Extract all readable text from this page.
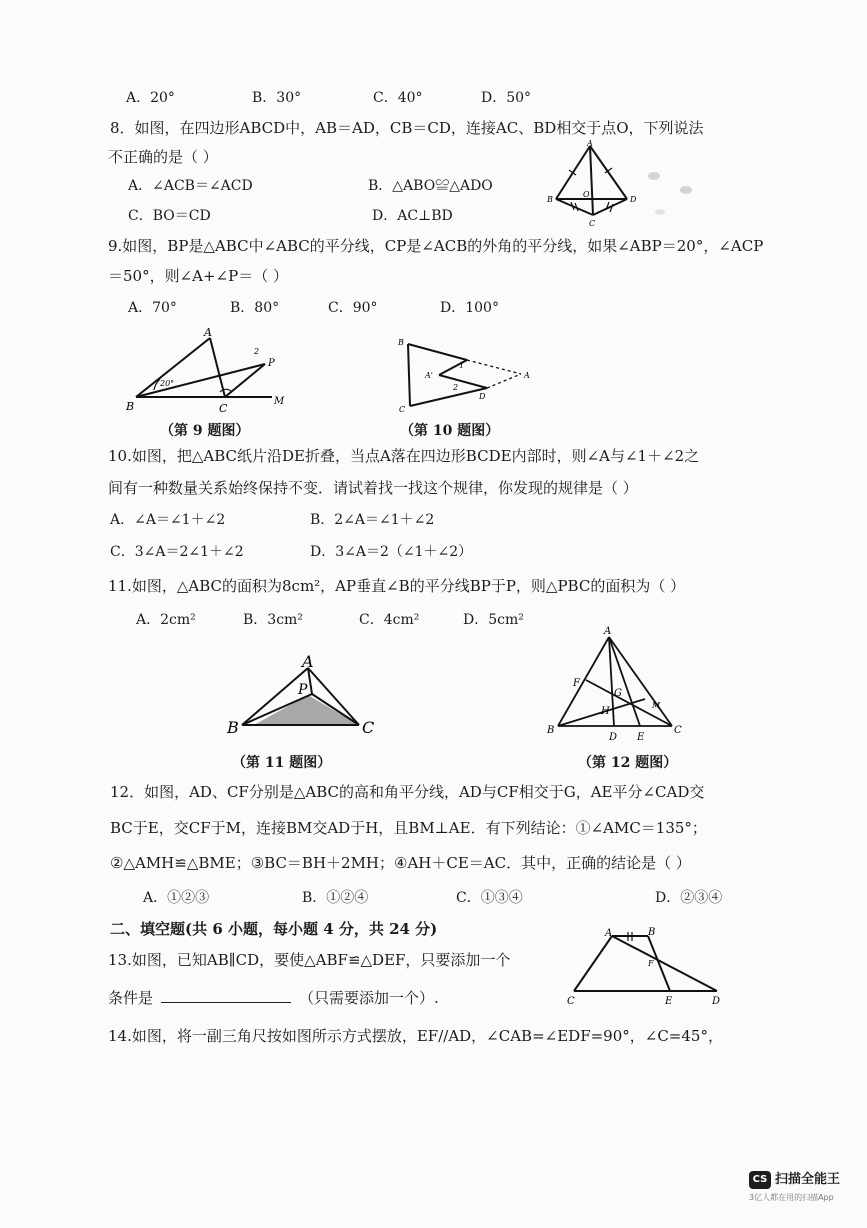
A．20°	B．30°	C．40°	D．50°
8．如图，在四边形ABCD中，AB＝AD，CB＝CD，连接AC、BD相交于点O，下列说法
不正确的是（ ）
A．∠ACB＝∠ACD	B．△ABO≌△ADO
C．BO＝CD	D．AC⊥BD
A
B
O
D
C
9.如图，BP是△ABC中∠ABC的平分线，CP是∠ACB的外角的平分线，如果∠ABP＝20°，∠ACP
＝50°，则∠A+∠P＝（ ）
A．70°	B．80°	C．90°	D．100°
A
P
B	C
M
20°
2
（第 9 题图）
B
A
A'
1
2
D
C
（第 10 题图）
10.如图，把△ABC纸片沿DE折叠，当点A落在四边形BCDE内部时，则∠A与∠1＋∠2之
间有一种数量关系始终保持不变．请试着找一找这个规律，你发现的规律是（ ）
A．∠A＝∠1＋∠2	B．2∠A＝∠1＋∠2
C．3∠A＝2∠1＋∠2	D．3∠A＝2（∠1＋∠2）
11.如图，△ABC的面积为8cm²，AP垂直∠B的平分线BP于P，则△PBC的面积为（ ）
A．2cm²	B．3cm²	C．4cm²	D．5cm²
A
P
B	C
（第 11 题图）
A
F
G
H
M
B
D E
C
（第 12 题图）
12．如图，AD、CF分别是△ABC的高和角平分线，AD与CF相交于G，AE平分∠CAD交
BC于E，交CF于M，连接BM交AD于H，且BM⊥AE．有下列结论：①∠AMC＝135°；
②△AMH≌△BME；③BC＝BH＋2MH；④AH＋CE＝AC．其中，正确的结论是（ ）
A．①②③	B．①②④	C．①③④	D．②③④
二、填空题(共 6 小题，每小题 4 分，共 24 分)
13.如图，已知AB∥CD，要使△ABF≌△DEF，只要添加一个
条件是	（只需要添加一个）.
A	B
F
C	E	D
14.如图，将一副三角尺按如图所示方式摆放，EF//AD，∠CAB=∠EDF=90°，∠C=45°，
CS 扫描全能王
3亿人都在用的扫描App
